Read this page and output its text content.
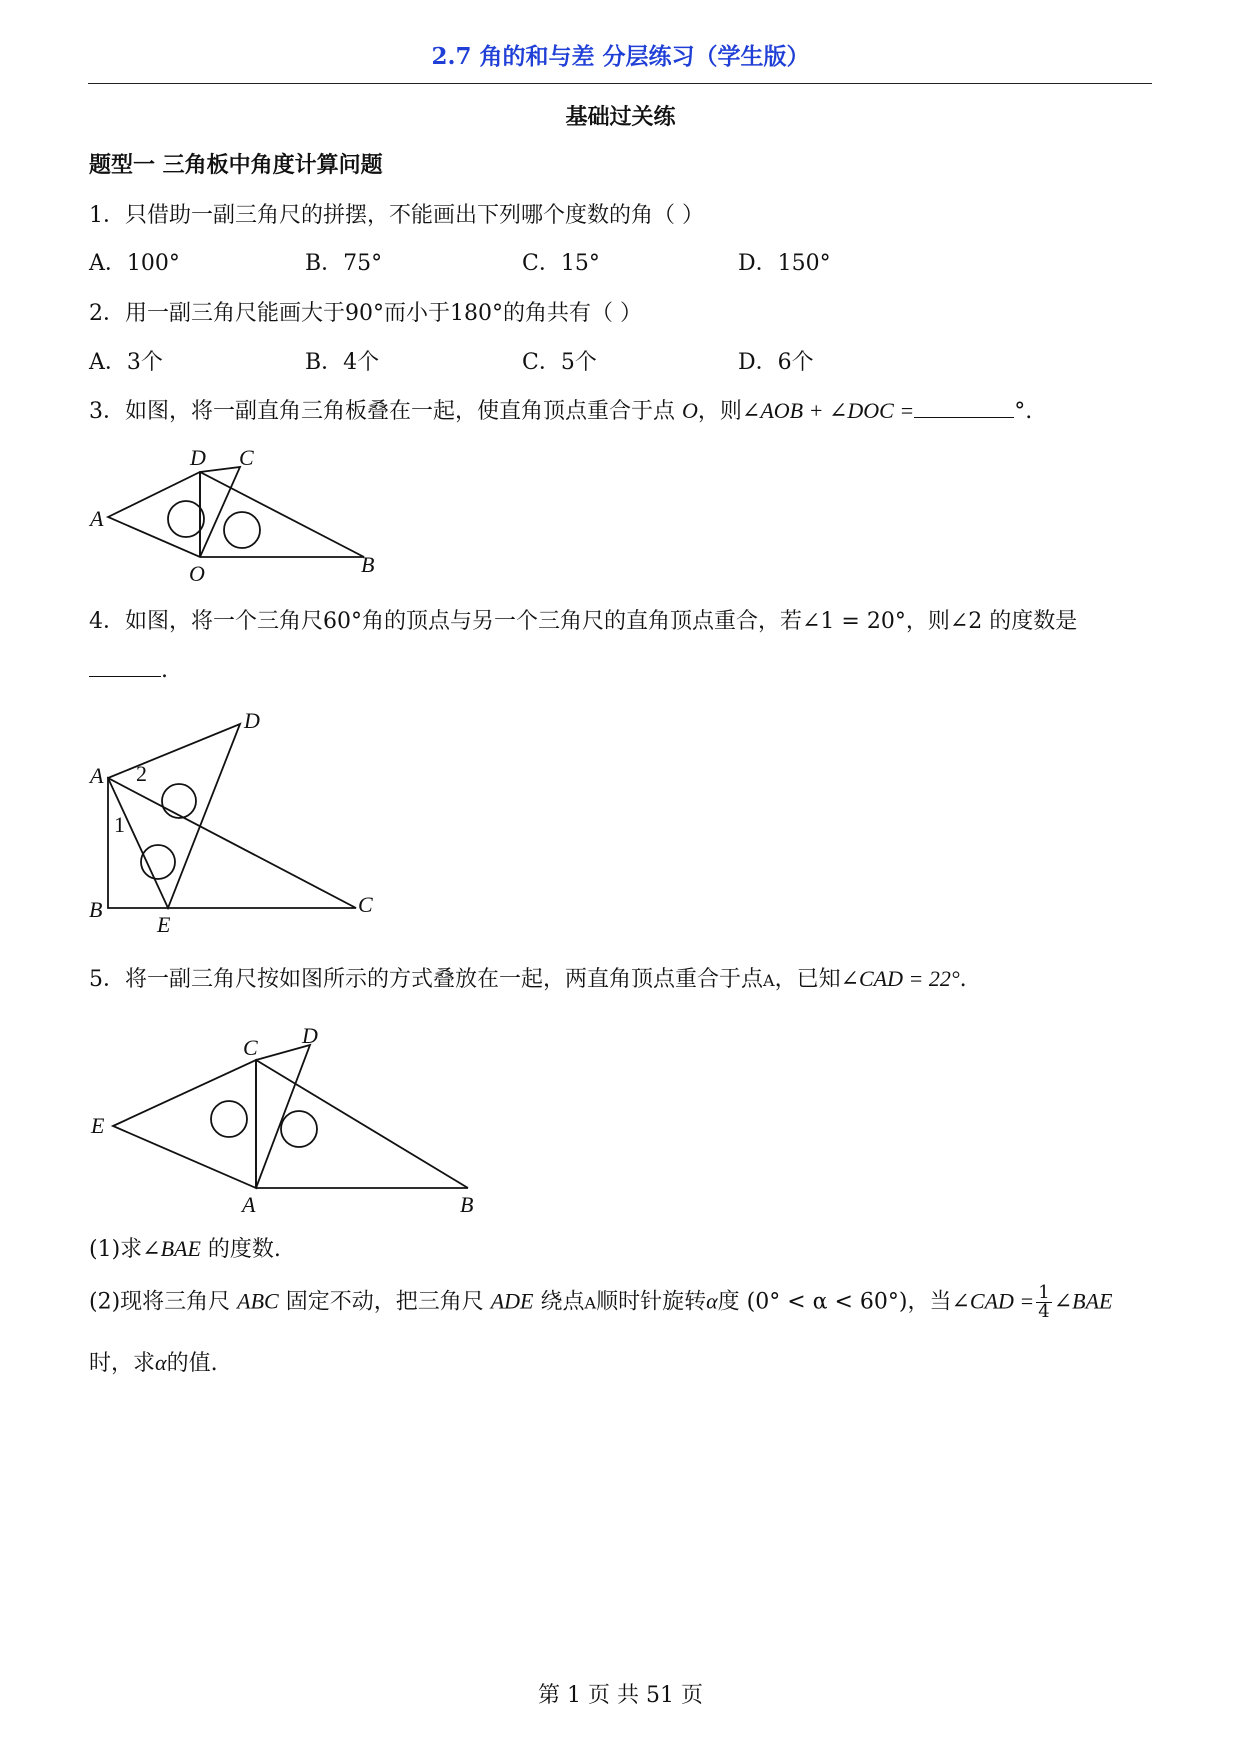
2.7 角的和与差 分层练习（学生版）
基础过关练
题型一 三角板中角度计算问题
1．只借助一副三角尺的拼摆，不能画出下列哪个度数的角（ ）
A．100°	B．75°	C．15°	D．150°
2．用一副三角尺能画大于90°而小于180°的角共有（ ）
A．3个	B．4个	C．5个	D．6个
3．如图，将一副直角三角板叠在一起，使直角顶点重合于点 O，则∠AOB + ∠DOC =	°.
D C
A
B
O
4．如图，将一个三角尺60°角的顶点与另一个三角尺的直角顶点重合，若∠1 = 20°，则∠2 的度数是
.
D
A 2
1
B
E
C
5．将一副三角尺按如图所示的方式叠放在一起，两直角顶点重合于点A，已知∠CAD = 22°.
D
C
E
A	B
(1)求∠BAE 的度数.
(2)现将三角尺 ABC 固定不动，把三角尺 ADE 绕点A顺时针旋转α度 (0° < α < 60°)，当∠CAD = $\frac{1}{4}$ ∠BAE
时，求α的值.
第 1 页 共 51 页
